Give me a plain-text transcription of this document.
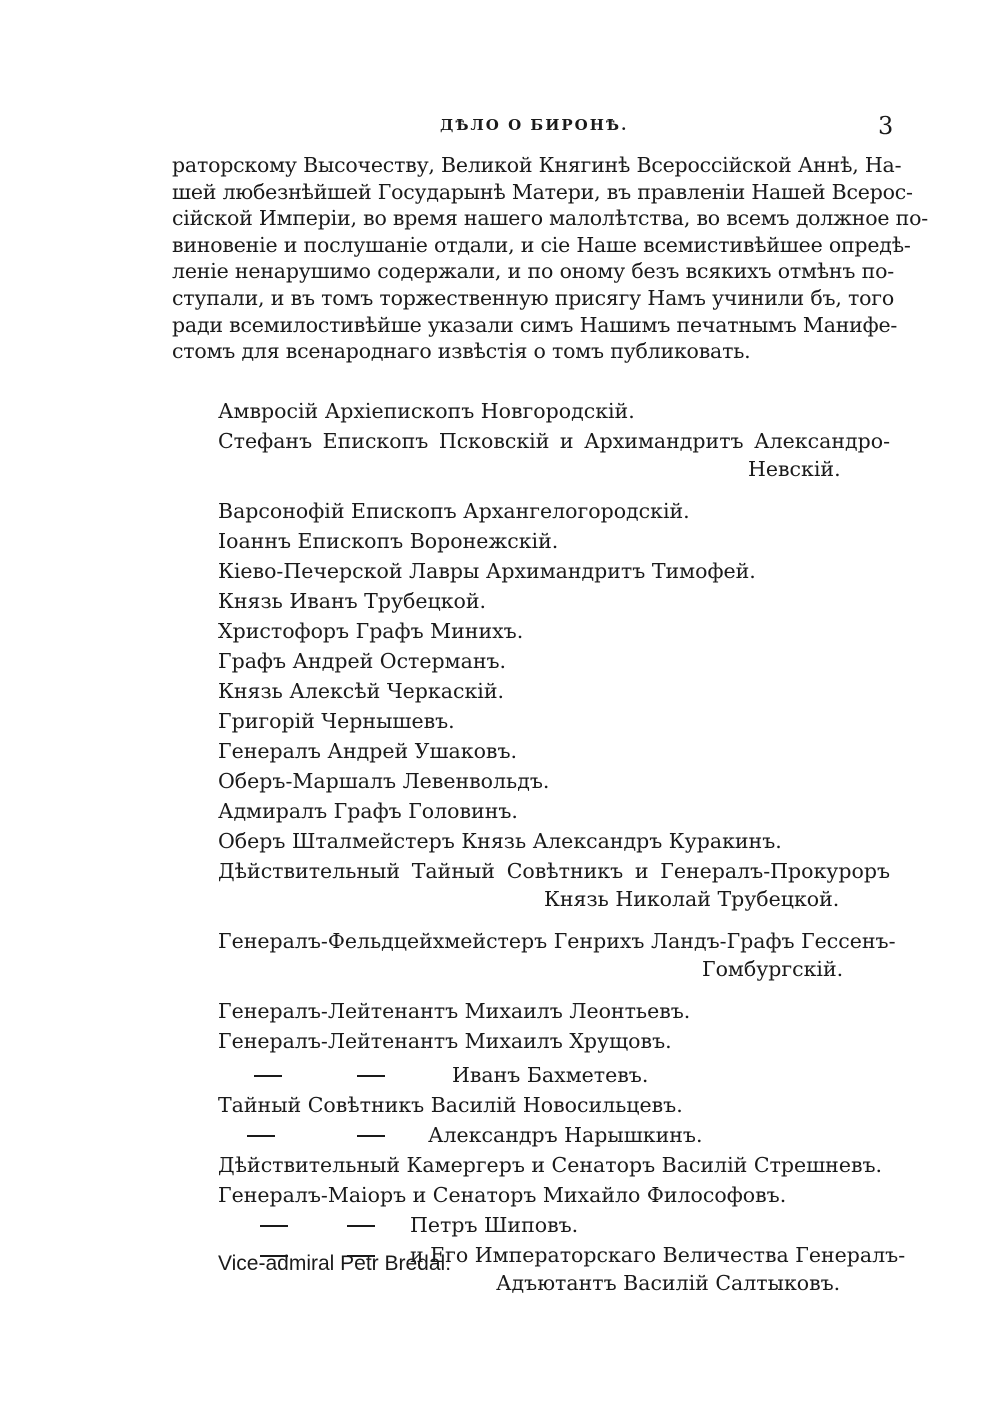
ДѢЛО О БИРОНѢ.	3
раторскому Высочеству, Великой Княгинѣ Всероссійской Аннѣ, На-
шей любезнѣйшей Государынѣ Матери, въ правленіи Нашей Всерос-
сійской Имперіи, во время нашего малолѣтства, во всемъ должное по-
виновеніе и послушаніе отдали, и сіе Наше всемистивѣйшее опредѣ-
леніе ненарушимо содержали, и по оному безъ всякихъ отмѣнъ по-
ступали, и въ томъ торжественную присягу Намъ учинили бъ, того
ради всемилостивѣйше указали симъ Нашимъ печатнымъ Манифе-
стомъ для всенароднаго извѣстія о томъ публиковать.
Амвросій Архіепископъ Новгородскій.
Стефанъ Епископъ Псковскій и Архимандритъ Александро-
Невскій.
Варсонофій Епископъ Архангелогородскій.
Іоаннъ Епископъ Воронежскій.
Кіево-Печерской Лавры Архимандритъ Тимофей.
Князь Иванъ Трубецкой.
Христофоръ Графъ Минихъ.
Графъ Андрей Остерманъ.
Князь Алексѣй Черкаскій.
Григорій Чернышевъ.
Генералъ Андрей Ушаковъ.
Оберъ-Маршалъ Левенвольдъ.
Адмиралъ Графъ Головинъ.
Оберъ Шталмейстеръ Князь Александръ Куракинъ.
Дѣйствительный Тайный Совѣтникъ и Генералъ-Прокуроръ
Князь Николай Трубецкой.
Генералъ-Фельдцейхмейстеръ Генрихъ Ландъ-Графъ Гессенъ-
Гомбургскій.
Генералъ-Лейтенантъ Михаилъ Леонтьевъ.
Генералъ-Лейтенантъ Михаилъ Хрущовъ.
Иванъ Бахметевъ.
Тайный Совѣтникъ Василій Новосильцевъ.
Александръ Нарышкинъ.
Дѣйствительный Камергеръ и Сенаторъ Василій Стрешневъ.
Генералъ-Маіоръ и Сенаторъ Михайло Философовъ.
Петръ Шиповъ.
и Его Императорскаго Величества Генералъ-
Адъютантъ Василій Салтыковъ.
Vice-admiral Petr Bredal.
